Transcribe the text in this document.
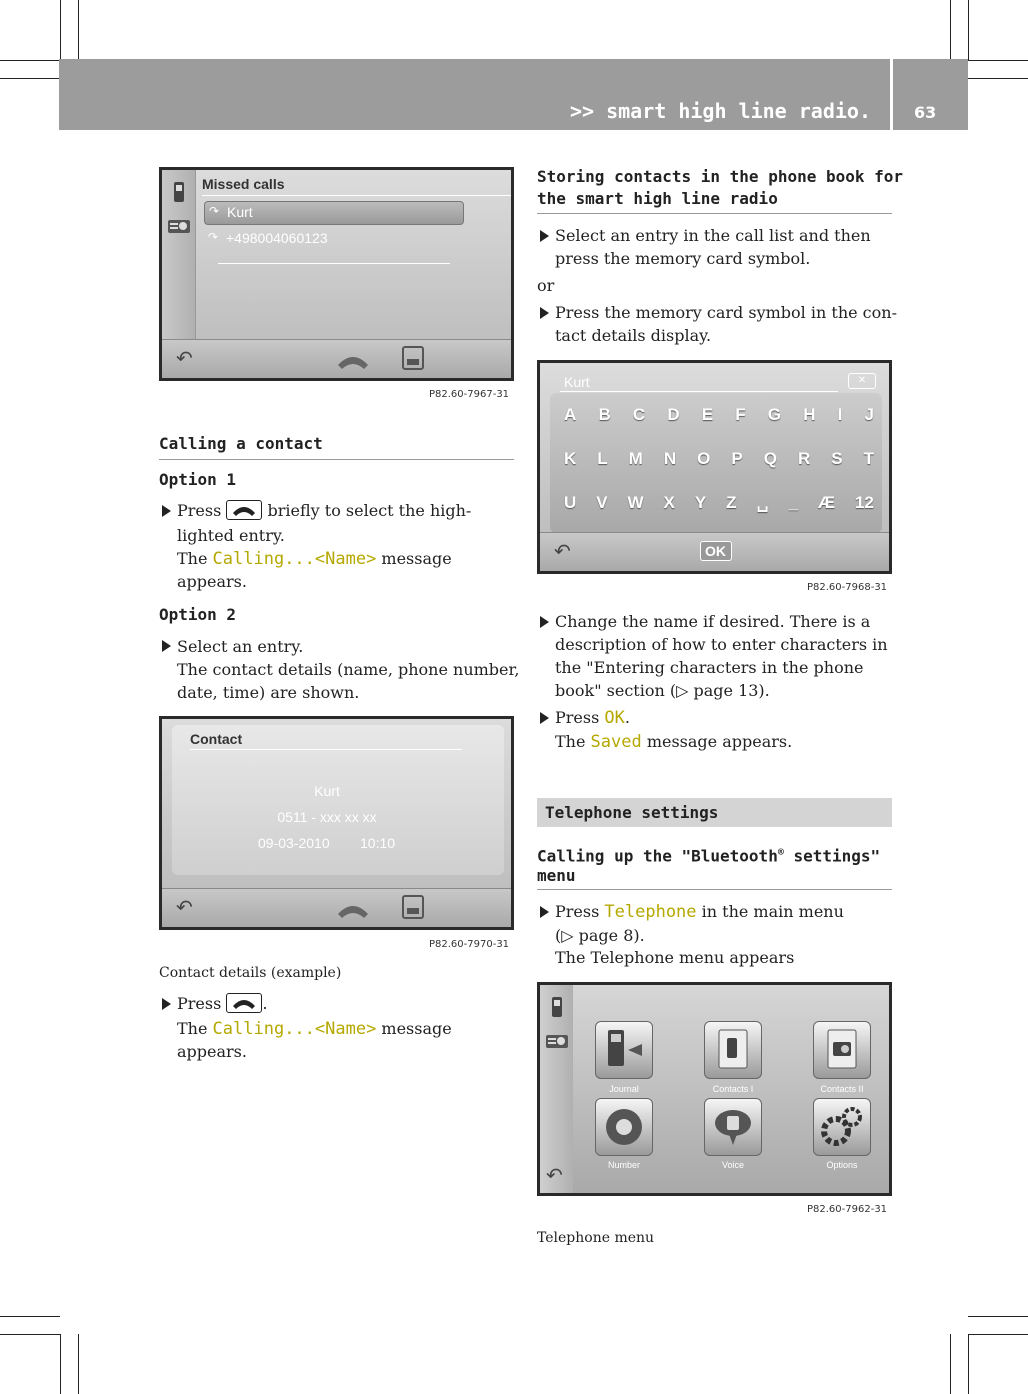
>> smart high line radio.	63
Missed calls
↷ Kurt
↷ +498004060123
↶
P82.60-7967-31
Calling a contact
Option 1
Press	briefly to select the high-
lighted entry.
The Calling...<Name> message
appears.
Option 2
Select an entry.
The contact details (name, phone number,
date, time) are shown.
Contact
Kurt
0511 - xxx xx xx
09-03-2010 10:10
↶
P82.60-7970-31
Contact details (example)
Press	.
The Calling...<Name> message
appears.
Storing contacts in the phone book for
the smart high line radio
Select an entry in the call list and then
press the memory card symbol.
or
Press the memory card symbol in the con-
tact details display.
Kurt	✕
A B C D E F G H I J
K L M N O P Q R S T
U V W X Y Z ␣ _ Æ 12
↶	OK
P82.60-7968-31
Change the name if desired. There is a
description of how to enter characters in
the "Entering characters in the phone
book" section (▷ page 13).
Press OK.
The Saved message appears.
Telephone settings
Calling up the "Bluetooth® settings"
menu
Press Telephone in the main menu
(▷ page 8).
The Telephone menu appears
↶
Journal	Contacts I	Contacts II
Number	Voice	Options
P82.60-7962-31
Telephone menu
